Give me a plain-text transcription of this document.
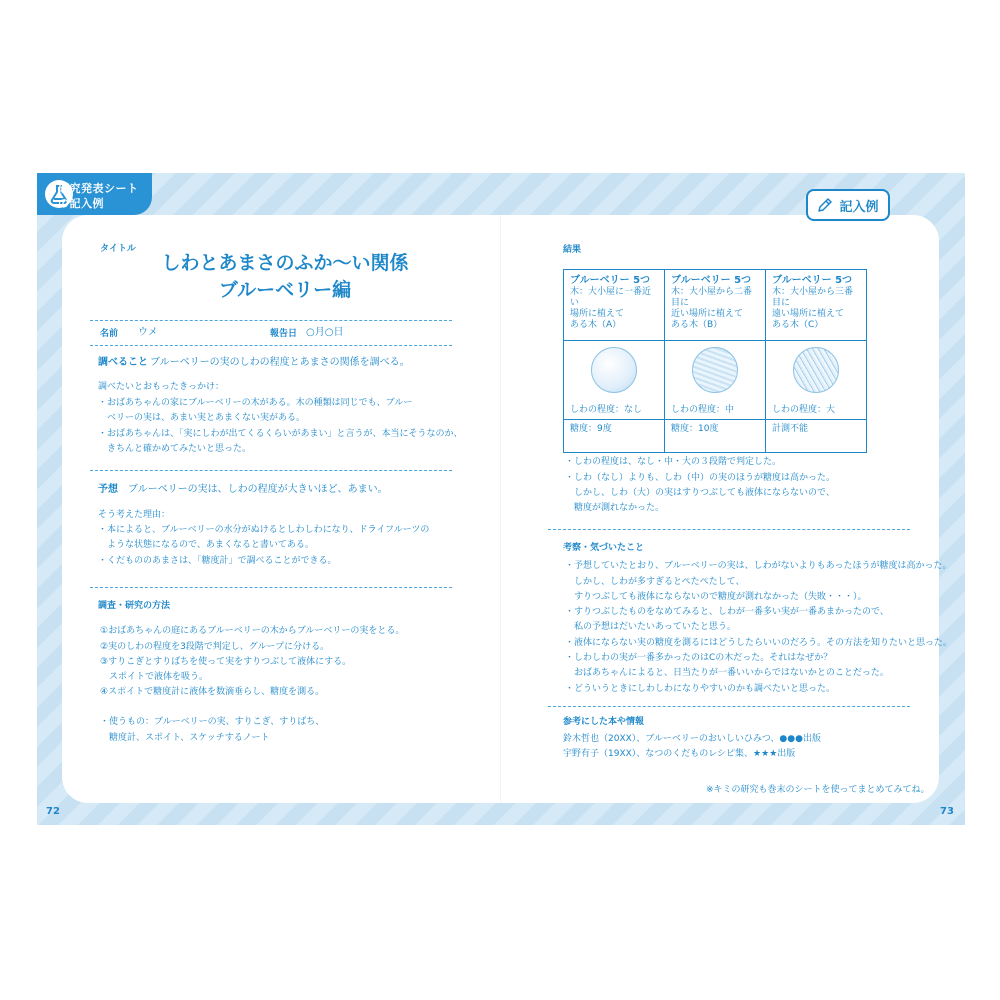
研究発表シート
の記入例	記入例
72	73
タイトル
しわとあまさのふか〜い関係
ブルーベリー編
名前 ウメ	報告日 ○月○日
調べること ブルーベリーの実のしわの程度とあまさの関係を調べる。
調べたいとおもったきっかけ：
・おばあちゃんの家にブルーベリーの木がある。木の種類は同じでも、ブルー
　ベリーの実は、あまい実とあまくない実がある。
・おばあちゃんは、「実にしわが出てくるくらいがあまい」と言うが、本当にそうなのか、
　きちんと確かめてみたいと思った。
予想 ブルーベリーの実は、しわの程度が大きいほど、あまい。
そう考えた理由：
・本によると、ブルーベリーの水分がぬけるとしわしわになり、ドライフルーツの
　ような状態になるので、あまくなると書いてある。
・くだもののあまさは、「糖度計」で調べることができる。
調査・研究の方法
①おばあちゃんの庭にあるブルーベリーの木からブルーベリーの実をとる。
②実のしわの程度を3段階で判定し、グループに分ける。
③すりこぎとすりばちを使って実をすりつぶして液体にする。
　スポイトで液体を吸う。
④スポイトで糖度計に液体を数滴垂らし、糖度を測る。
・使うもの：ブルーベリーの実、すりこぎ、すりばち、
　糖度計、スポイト、スケッチするノート
結果
ブルーベリー 5つ
木：大小屋に一番近い
場所に植えて
ある木（A）	ブルーベリー 5つ
木：大小屋から二番目に
近い場所に植えて
ある木（B）	ブルーベリー 5つ
木：大小屋から三番目に
遠い場所に植えて
ある木（C）

しわの程度：なし	しわの程度：中	しわの程度：大

糖度：9度	糖度：10度	計測不能
・しわの程度は、なし・中・大の３段階で判定した。
・しわ（なし）よりも、しわ（中）の実のほうが糖度は高かった。
　しかし、しわ（大）の実はすりつぶしても液体にならないので、
　糖度が測れなかった。
考察・気づいたこと
・予想していたとおり、ブルーベリーの実は、しわがないよりもあったほうが糖度は高かった。
　しかし、しわが多すぎるとぺたぺたして、
　すりつぶしても液体にならないので糖度が測れなかった（失敗・・・）。
・すりつぶしたものをなめてみると、しわが一番多い実が一番あまかったので、
　私の予想はだいたいあっていたと思う。
・液体にならない実の糖度を測るにはどうしたらいいのだろう。その方法を知りたいと思った。
・しわしわの実が一番多かったのはCの木だった。それはなぜか？
　おばあちゃんによると、日当たりが一番いいからではないかとのことだった。
・どういうときにしわしわになりやすいのかも調べたいと思った。
参考にした本や情報
鈴木哲也（20XX）、ブルーベリーのおいしいひみつ、●●●出版
宇野有子（19XX）、なつのくだものレシピ集、★★★出版
※キミの研究も巻末のシートを使ってまとめてみてね。
